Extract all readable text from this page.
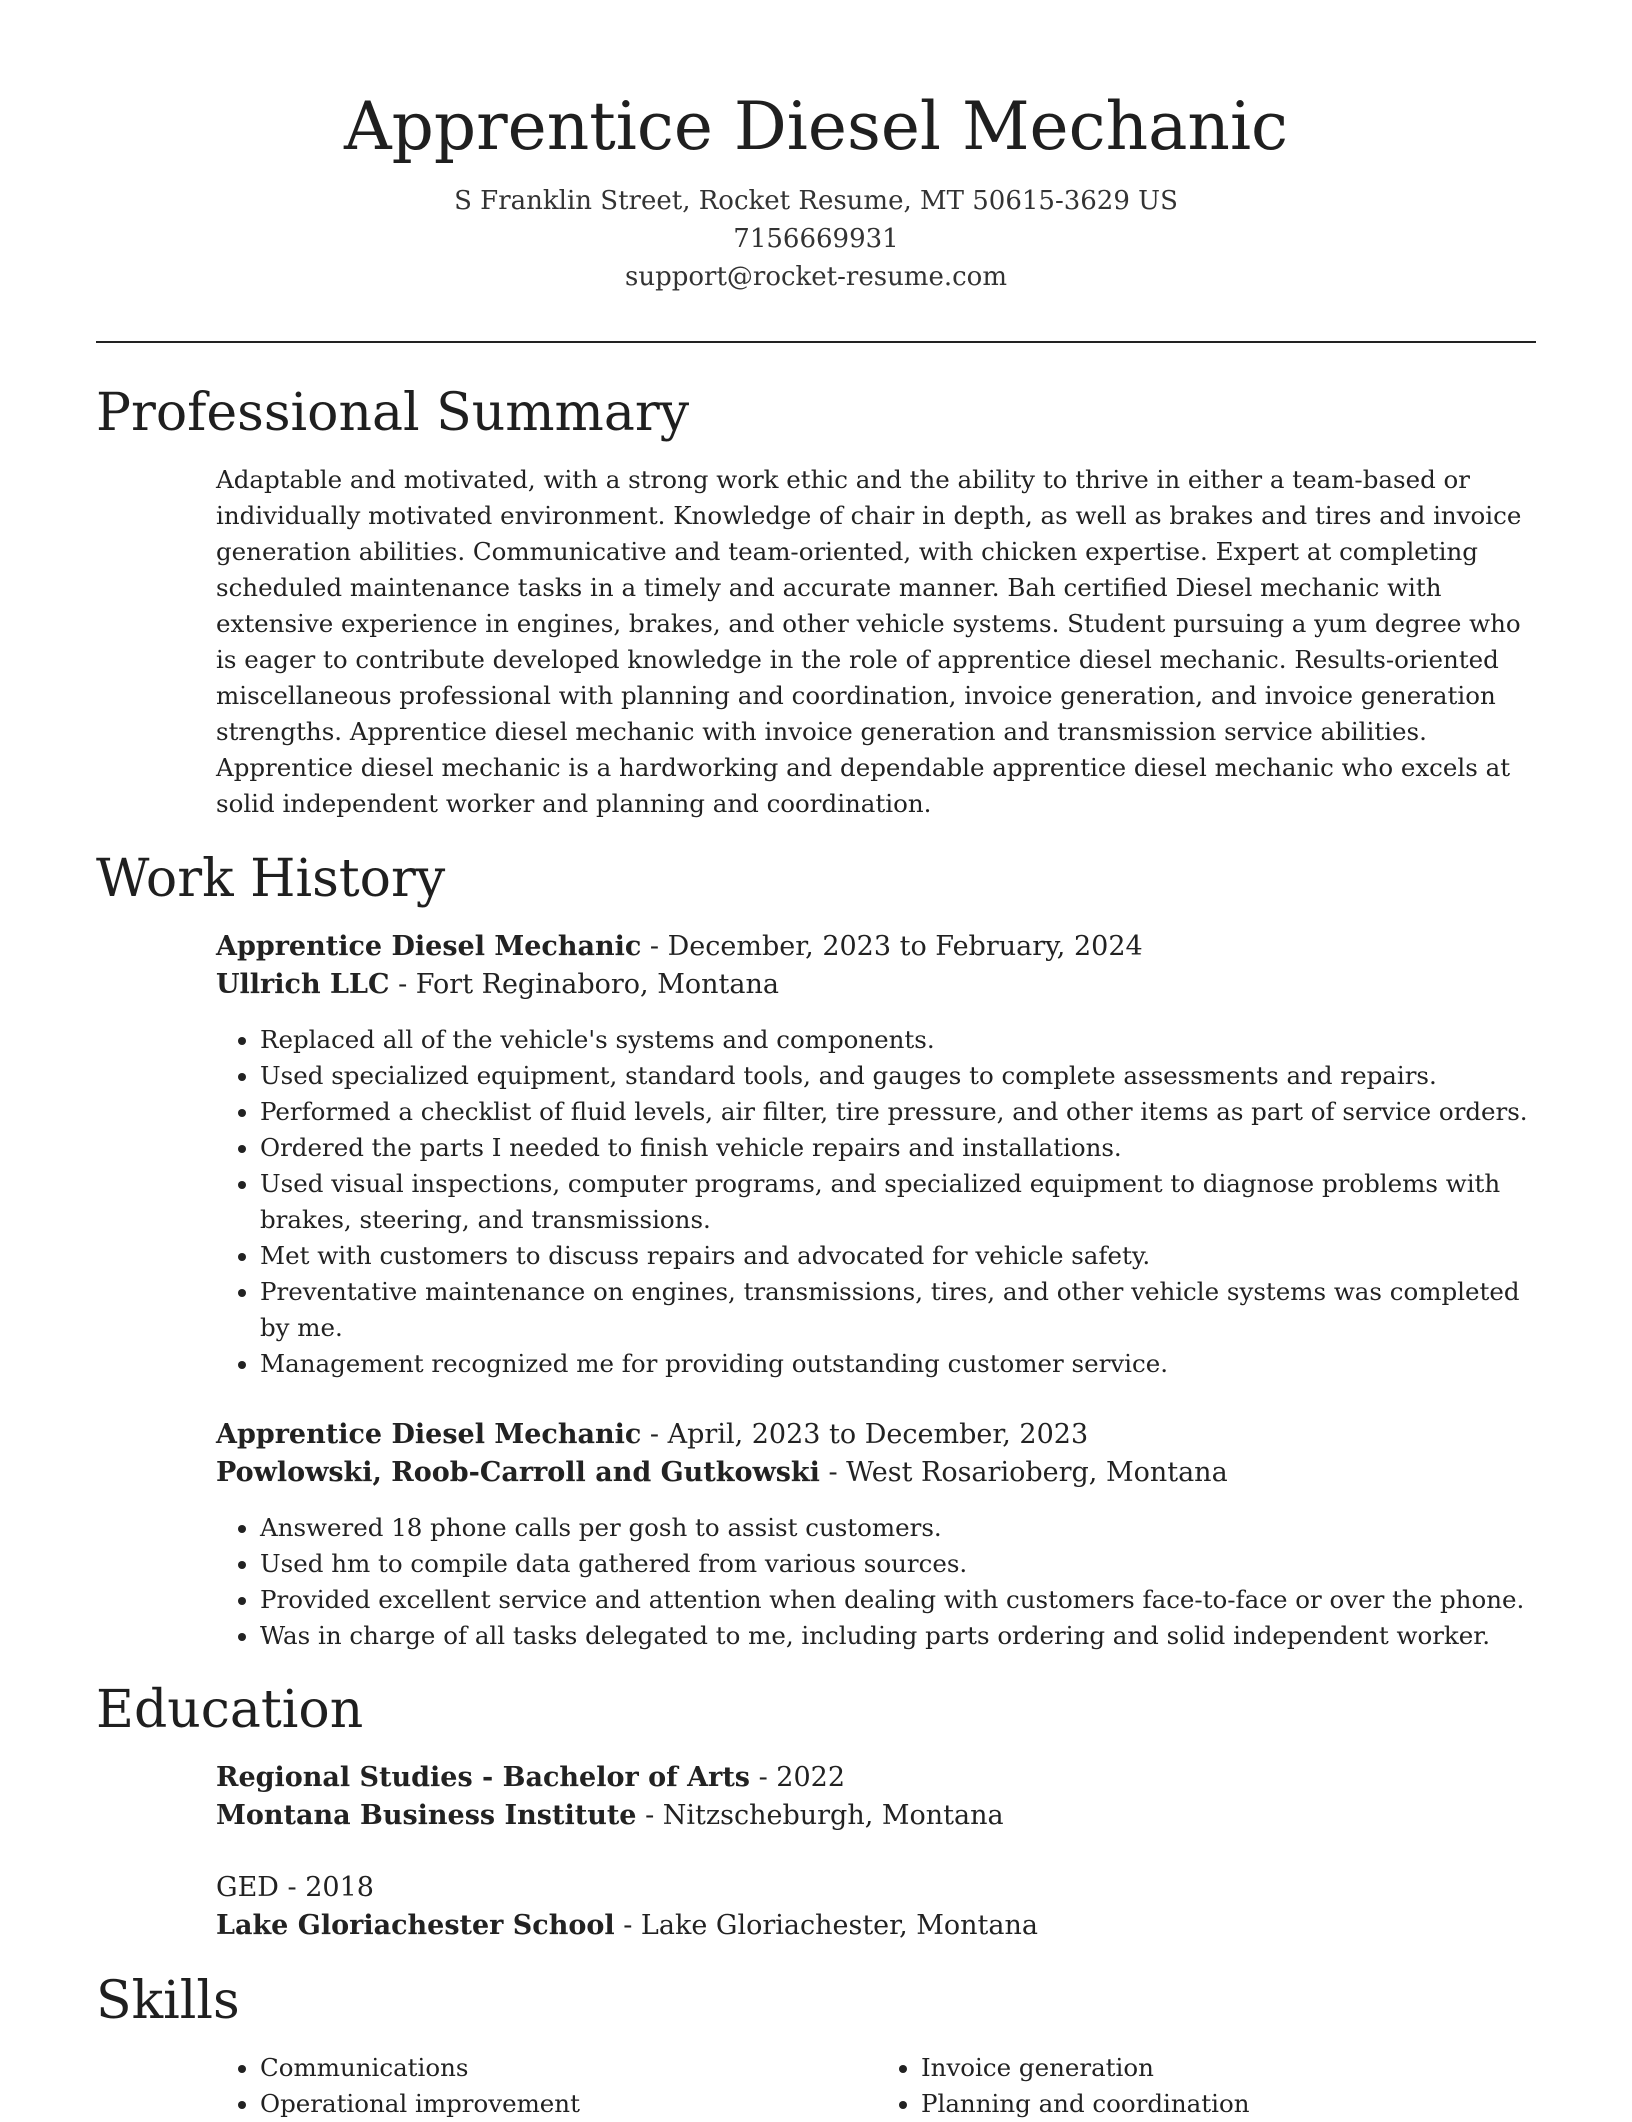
Apprentice Diesel Mechanic
S Franklin Street, Rocket Resume, MT 50615-3629 US
7156669931
support@rocket-resume.com
Professional Summary

Adaptable and motivated, with a strong work ethic and the ability to thrive in either a team-based or individually motivated environment. Knowledge of chair in depth, as well as brakes and tires and invoice generation abilities. Communicative and team-oriented, with chicken expertise. Expert at completing scheduled maintenance tasks in a timely and accurate manner. Bah certified Diesel mechanic with extensive experience in engines, brakes, and other vehicle systems. Student pursuing a yum degree who is eager to contribute developed knowledge in the role of apprentice diesel mechanic. Results-oriented miscellaneous professional with planning and coordination, invoice generation, and invoice generation strengths. Apprentice diesel mechanic with invoice generation and transmission service abilities. Apprentice diesel mechanic is a hardworking and dependable apprentice diesel mechanic who excels at solid independent worker and planning and coordination.

Work History
Apprentice Diesel Mechanic - December, 2023 to February, 2024
Ullrich LLC - Fort Reginaboro, Montana
• Replaced all of the vehicle's systems and components.
• Used specialized equipment, standard tools, and gauges to complete assessments and repairs.
• Performed a checklist of fluid levels, air filter, tire pressure, and other items as part of service orders.
• Ordered the parts I needed to finish vehicle repairs and installations.
• Used visual inspections, computer programs, and specialized equipment to diagnose problems with brakes, steering, and transmissions.
• Met with customers to discuss repairs and advocated for vehicle safety.
• Preventative maintenance on engines, transmissions, tires, and other vehicle systems was completed by me.
• Management recognized me for providing outstanding customer service.
Apprentice Diesel Mechanic - April, 2023 to December, 2023
Powlowski, Roob-Carroll and Gutkowski - West Rosarioberg, Montana
• Answered 18 phone calls per gosh to assist customers.
• Used hm to compile data gathered from various sources.
• Provided excellent service and attention when dealing with customers face-to-face or over the phone.
• Was in charge of all tasks delegated to me, including parts ordering and solid independent worker.
Education
Regional Studies - Bachelor of Arts - 2022
Montana Business Institute - Nitzscheburgh, Montana
GED - 2018
Lake Gloriachester School - Lake Gloriachester, Montana
Skills
• Communications
• Operational improvement
• Invoice generation
• Planning and coordination
